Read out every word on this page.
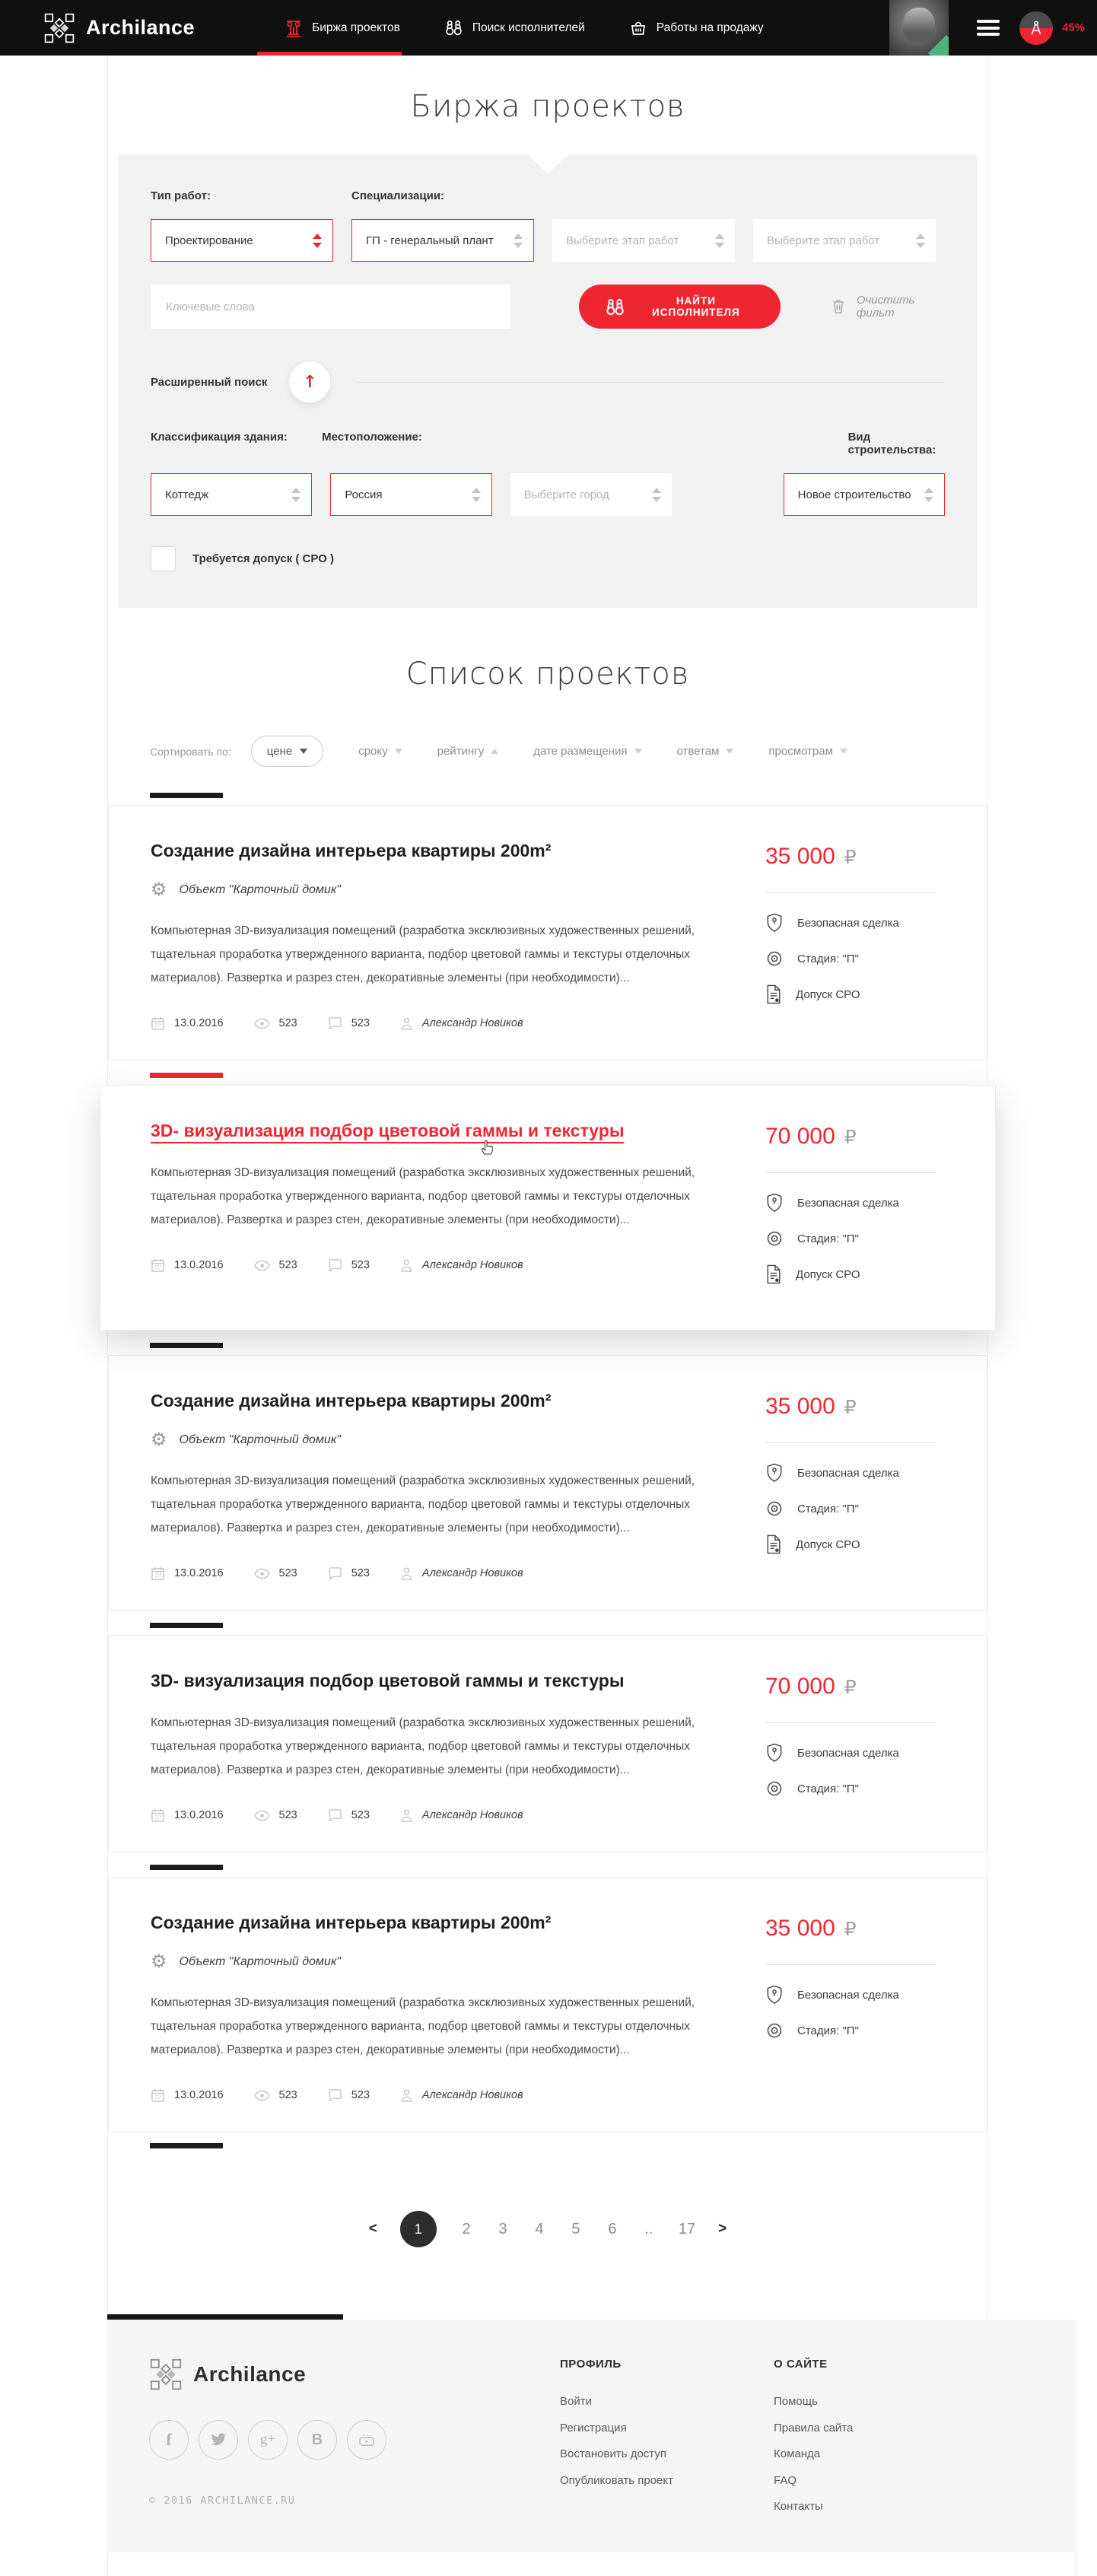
Archilance	Биржа проектов	Поиск исполнителей	Работы на продажу	45%
Биржа проектов
Тип работ:	Специализации:
Проектирование	ГП - генеральный плант	Выберите этап работ	Выберите этап работ
Ключевые слова
НАЙТИ ИСПОЛНИТЕЛЯ
Очистить фильт
Расширенный поиск ↑
Классификация здания:	Местоположение:	Вид строительства:
Коттедж	Россия	Выберите город	Новое строительство
Требуется допуск ( СРО )
Список проектов
Сортировать по:	цене	сроку	рейтингу	дате размещения	ответам	просмотрам
Создание дизайна интерьера квартиры 200m²
⚙ Объект "Карточный домик"

Компьютерная 3D-визуализация помещений (разработка эксклюзивных художественных решений, тщательная проработка утвержденного варианта, подбор цветовой гаммы и текстуры отделочных материалов). Развертка и разрез стен, декоративные элементы (при необходимости)...

13.0.2016	523	523	Александр Новиков
35 000 ₽
Безопасная сделка
Стадия: "П"
Допуск СРО
3D- визуализация подбор цветовой гаммы и текстуры

Компьютерная 3D-визуализация помещений (разработка эксклюзивных художественных решений, тщательная проработка утвержденного варианта, подбор цветовой гаммы и текстуры отделочных материалов). Развертка и разрез стен, декоративные элементы (при необходимости)...

13.0.2016	523	523	Александр Новиков
70 000 ₽
Безопасная сделка
Стадия: "П"
Допуск СРО
Создание дизайна интерьера квартиры 200m²
⚙ Объект "Карточный домик"

Компьютерная 3D-визуализация помещений (разработка эксклюзивных художественных решений, тщательная проработка утвержденного варианта, подбор цветовой гаммы и текстуры отделочных материалов). Развертка и разрез стен, декоративные элементы (при необходимости)...

13.0.2016	523	523	Александр Новиков
35 000 ₽
Безопасная сделка
Стадия: "П"
Допуск СРО
3D- визуализация подбор цветовой гаммы и текстуры

Компьютерная 3D-визуализация помещений (разработка эксклюзивных художественных решений, тщательная проработка утвержденного варианта, подбор цветовой гаммы и текстуры отделочных материалов). Развертка и разрез стен, декоративные элементы (при необходимости)...

13.0.2016	523	523	Александр Новиков
70 000 ₽
Безопасная сделка
Стадия: "П"
Создание дизайна интерьера квартиры 200m²
⚙ Объект "Карточный домик"

Компьютерная 3D-визуализация помещений (разработка эксклюзивных художественных решений, тщательная проработка утвержденного варианта, подбор цветовой гаммы и текстуры отделочных материалов). Развертка и разрез стен, декоративные элементы (при необходимости)...

13.0.2016	523	523	Александр Новиков
35 000 ₽
Безопасная сделка
Стадия: "П"
<	1	2 3 4 5 6 .. 17 >
Archilance
f	g+ B
© 2016 ARCHILANCE.RU
ПРОФИЛЬ
Войти
Регистрация
Востановить доступ
Опубликовать проект
О САЙТЕ
Помощь
Правила сайта
Команда
FAQ
Контакты
